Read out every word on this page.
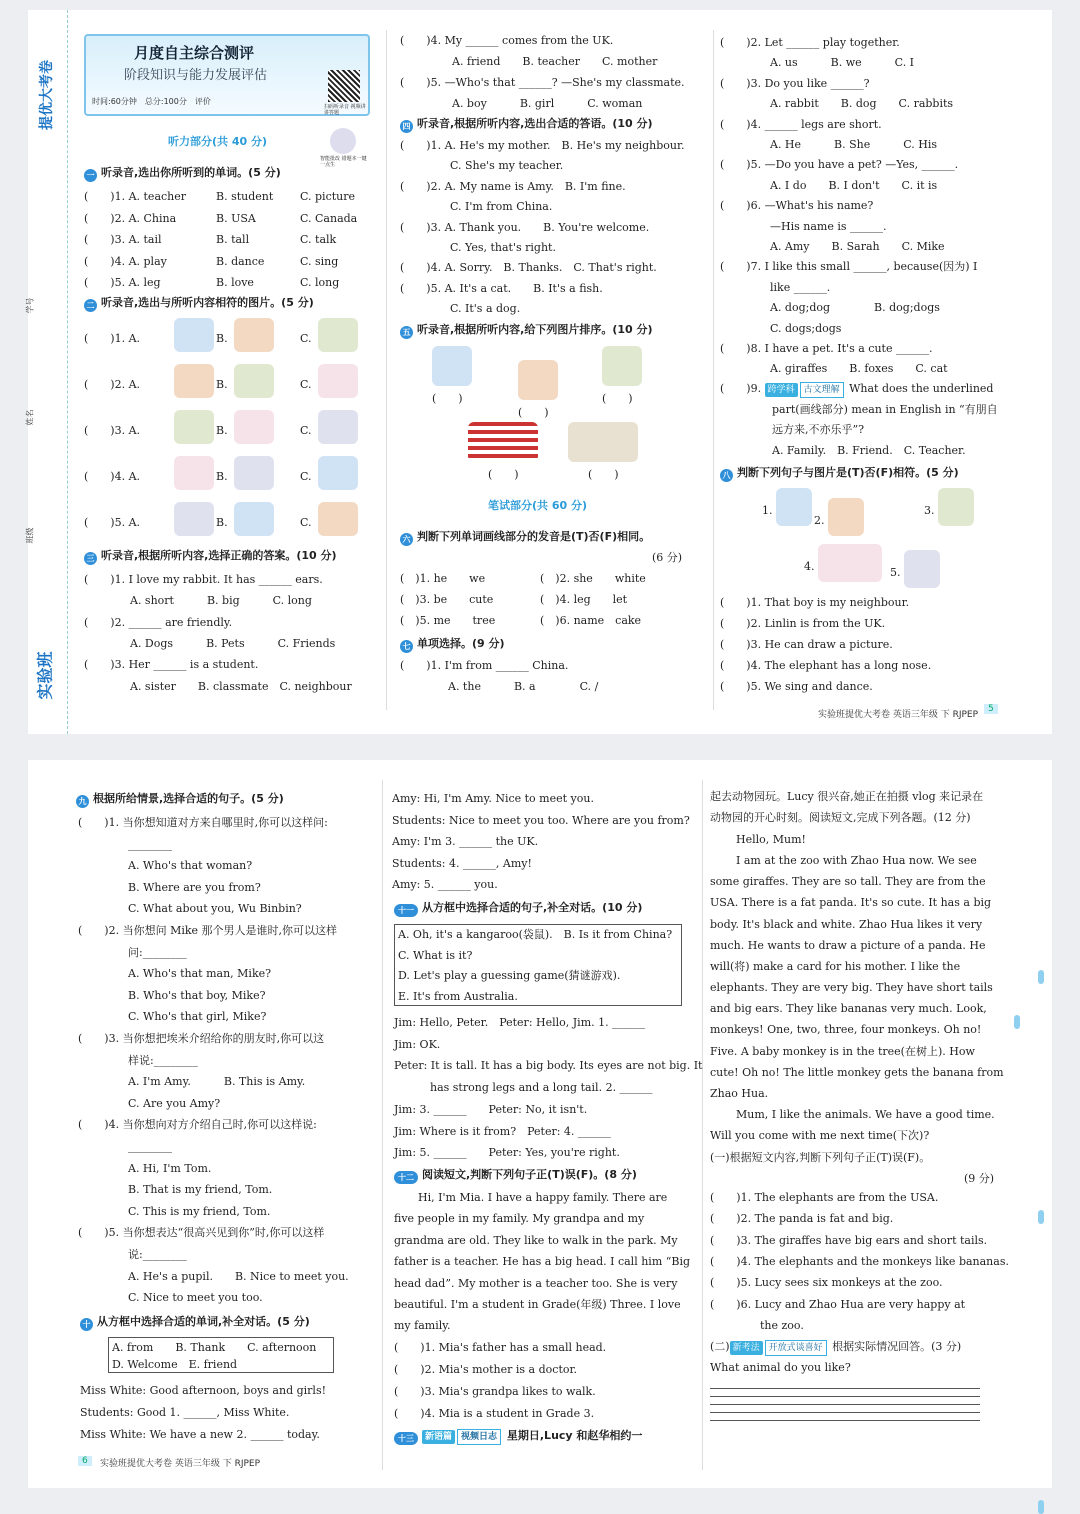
提优大考卷
学号
姓名
班级
实验班
月度自主综合测评
阶段知识与能力发展评估
时间:60分钟　总分:100分　评价
扫码听录音 视频讲讲答题
智能批改 错题本一键一点生
听力部分(共 40 分)
一 听录音,选出你所听到的单词。(5 分)
二 听录音,选出与所听内容相符的图片。(5 分)
三 听录音,根据所听内容,选择正确的答案。(10 分)
四 听录音,根据所听内容,选出合适的答语。(10 分)
五 听录音,根据所听内容,给下列图片排序。(10 分)
笔试部分(共 60 分)
六 判断下列单词画线部分的发音是(T)否(F)相同。
(6 分)
七 单项选择。(9 分)
(　　)9. 跨学科 古文理解 What does the underlined
part(画线部分) mean in English in “有朋自
远方来,不亦乐乎”?
A. Family.　B. Friend.　C. Teacher.
八 判断下列句子与图片是(T)否(F)相符。(5 分)
实验班提优大考卷 英语三年级 下 RJPEP
5
(　　)1. A. teacher	B. student C. picture
(　　)2. A. China	B. USA	C. Canada
(　　)3. A. tail	B. tall	C. talk
(　　)4. A. play	B. dance	C. sing
(　　)5. A. leg	B. love	C. long
(　　)1. A.	B.	C.
(　　)2. A.	B.	C.
(　　)3. A.	B.	C.
(　　)4. A.	B.	C.
(　　)5. A.	B.	C.
(　　)1. I love my rabbit. It has ______ ears.
A. short　　　B. big　　　C. long
(　　)2. ______ are friendly.
A. Dogs　　　B. Pets　　　C. Friends
(　　)3. Her ______ is a student.
A. sister　　B. classmate　C. neighbour
(　　)4. My ______ comes from the UK.
A. friend　　B. teacher　　C. mother
(　　)5. —Who's that ______? —She's my classmate.
A. boy　　　B. girl　　　C. woman
(　　)1. A. He's my mother.　B. He's my neighbour.
C. She's my teacher.
(　　)2. A. My name is Amy.　B. I'm fine.
C. I'm from China.
(　　)3. A. Thank you.　　B. You're welcome.
C. Yes, that's right.
(　　)4. A. Sorry.　B. Thanks.　C. That's right.
(　　)5. A. It's a cat.　　B. It's a fish.
C. It's a dog.
(　　)
(　　)
(　　)
(　　)	(　　)
(　)1. he　　we	(　)2. she　　white
(　)3. be　　cute	(　)4. leg　　let
(　)5. me　　tree	(　)6. name　cake
(　　)1. I'm from ______ China.
A. the　　　B. a　　　　C. /
(　　)2. Let ______ play together.
A. us　　　B. we　　　C. I
(　　)3. Do you like ______?
A. rabbit　　B. dog　　C. rabbits
(　　)4. ______ legs are short.
A. He　　　B. She　　　C. His
(　　)5. —Do you have a pet? —Yes, ______.
A. I do　　B. I don't　　C. it is
(　　)6. —What's his name?
—His name is ______.
A. Amy　　B. Sarah　　C. Mike
(　　)7. I like this small ______, because(因为) I
like ______.
A. dog;dog　　　　B. dog;dogs
C. dogs;dogs
(　　)8. I have a pet. It's a cute ______.
A. giraffes　　B. foxes　　C. cat
1.
2.
3.
4.	5.
(　　)1. That boy is my neighbour.
(　　)2. Linlin is from the UK.
(　　)3. He can draw a picture.
(　　)4. The elephant has a long nose.
(　　)5. We sing and dance.
九 根据所给情景,选择合适的句子。(5 分)
十 从方框中选择合适的单词,补全对话。(5 分)
A. from　　B. Thank　　C. afternoon
D. Welcome　E. friend
十一 从方框中选择合适的句子,补全对话。(10 分)
A. Oh, it's a kangaroo(袋鼠).　B. Is it from China?
C. What is it?
D. Let's play a guessing game(猜谜游戏).
E. It's from Australia.
十二 阅读短文,判断下列句子正(T)误(F)。(8 分)
十三 新语篇 视频日志 星期日,Lucy 和赵华相约一
(二) 新考法 开放式谈喜好 根据实际情况回答。(3 分)
What animal do you like?
6	实验班提优大考卷 英语三年级 下 RJPEP
(　　)1. 当你想知道对方来自哪里时,你可以这样问:
________
A. Who's that woman?
B. Where are you from?
C. What about you, Wu Binbin?
(　　)2. 当你想问 Mike 那个男人是谁时,你可以这样
问:________
A. Who's that man, Mike?
B. Who's that boy, Mike?
C. Who's that girl, Mike?
(　　)3. 当你想把埃米介绍给你的朋友时,你可以这
样说:________
A. I'm Amy.　　　B. This is Amy.
C. Are you Amy?
(　　)4. 当你想向对方介绍自己时,你可以这样说:
________
A. Hi, I'm Tom.
B. That is my friend, Tom.
C. This is my friend, Tom.
(　　)5. 当你想表达“很高兴见到你”时,你可以这样
说:________
A. He's a pupil.　　B. Nice to meet you.
C. Nice to meet you too.
Miss White: Good afternoon, boys and girls!
Students: Good 1. ______, Miss White.
Miss White: We have a new 2. ______ today.
Amy: Hi, I'm Amy. Nice to meet you.
Students: Nice to meet you too. Where are you from?
Amy: I'm 3. ______ the UK.
Students: 4. ______, Amy!
Amy: 5. ______ you.
Jim: Hello, Peter.　Peter: Hello, Jim. 1. ______
Jim: OK.
Peter: It is tall. It has a big body. Its eyes are not big. It
has strong legs and a long tail. 2. ______
Jim: 3. ______　　Peter: No, it isn't.
Jim: Where is it from?　Peter: 4. ______
Jim: 5. ______　　Peter: Yes, you're right.
Hi, I'm Mia. I have a happy family. There are
five people in my family. My grandpa and my
grandma are old. They like to walk in the park. My
father is a teacher. He has a big head. I call him “Big
head dad”. My mother is a teacher too. She is very
beautiful. I'm a student in Grade(年级) Three. I love
my family.
(　　)1. Mia's father has a small head.
(　　)2. Mia's mother is a doctor.
(　　)3. Mia's grandpa likes to walk.
(　　)4. Mia is a student in Grade 3.
起去动物园玩。Lucy 很兴奋,她正在拍摄 vlog 来记录在
动物园的开心时刻。阅读短文,完成下列各题。(12 分)
Hello, Mum!
I am at the zoo with Zhao Hua now. We see
some giraffes. They are so tall. They are from the
USA. There is a fat panda. It's so cute. It has a big
body. It's black and white. Zhao Hua likes it very
much. He wants to draw a picture of a panda. He
will(将) make a card for his mother. I like the
elephants. They are very big. They have short tails
and big ears. They like bananas very much. Look,
monkeys! One, two, three, four monkeys. Oh no!
Five. A baby monkey is in the tree(在树上). How
cute! Oh no! The little monkey gets the banana from
Zhao Hua.
Mum, I like the animals. We have a good time.
Will you come with me next time(下次)?
(一)根据短文内容,判断下列句子正(T)误(F)。
(9 分)
(　　)1. The elephants are from the USA.
(　　)2. The panda is fat and big.
(　　)3. The giraffes have big ears and short tails.
(　　)4. The elephants and the monkeys like bananas.
(　　)5. Lucy sees six monkeys at the zoo.
(　　)6. Lucy and Zhao Hua are very happy at
the zoo.
